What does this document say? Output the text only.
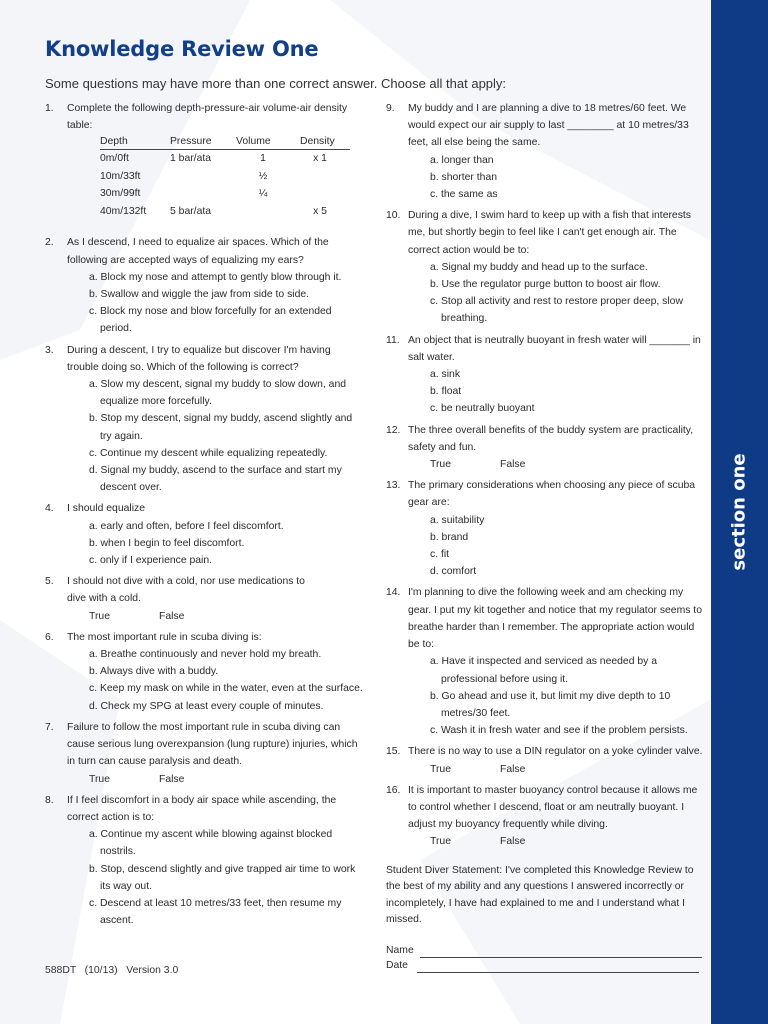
section one
Knowledge Review One
Some questions may have more than one correct answer. Choose all that apply:
1. Complete the following depth-pressure-air volume-air density table:
Depth	Pressure	Volume	Density
0m/0ft	1 bar/ata	1	x 1
10m/33ft		½	
30m/99ft		¼	
40m/132ft	5 bar/ata		x 5
2. As I descend, I need to equalize air spaces. Which of the following are accepted ways of equalizing my ears?
a. Block my nose and attempt to gently blow through it.
b. Swallow and wiggle the jaw from side to side.
c. Block my nose and blow forcefully for an extended period.
3. During a descent, I try to equalize but discover I'm having trouble doing so. Which of the following is correct?
a. Slow my descent, signal my buddy to slow down, and equalize more forcefully.
b. Stop my descent, signal my buddy, ascend slightly and try again.
c. Continue my descent while equalizing repeatedly.
d. Signal my buddy, ascend to the surface and start my descent over.
4. I should equalize
a. early and often, before I feel discomfort.
b. when I begin to feel discomfort.
c. only if I experience pain.
5. I should not dive with a cold, nor use medications to dive with a cold.
True	False
6. The most important rule in scuba diving is:
a. Breathe continuously and never hold my breath.
b. Always dive with a buddy.
c. Keep my mask on while in the water, even at the surface.
d. Check my SPG at least every couple of minutes.
7. Failure to follow the most important rule in scuba diving can cause serious lung overexpansion (lung rupture) injuries, which in turn can cause paralysis and death.
True	False
8. If I feel discomfort in a body air space while ascending, the correct action is to:
a. Continue my ascent while blowing against blocked nostrils.
b. Stop, descend slightly and give trapped air time to work its way out.
c. Descend at least 10 metres/33 feet, then resume my ascent.
9. My buddy and I are planning a dive to 18 metres/60 feet. We would expect our air supply to last ________ at 10 metres/33 feet, all else being the same.
a. longer than
b. shorter than
c. the same as
10. During a dive, I swim hard to keep up with a fish that interests me, but shortly begin to feel like I can't get enough air. The correct action would be to:
a. Signal my buddy and head up to the surface.
b. Use the regulator purge button to boost air flow.
c. Stop all activity and rest to restore proper deep, slow breathing.
11. An object that is neutrally buoyant in fresh water will _______ in salt water.
a. sink
b. float
c. be neutrally buoyant
12. The three overall benefits of the buddy system are practicality, safety and fun.
True	False
13. The primary considerations when choosing any piece of scuba gear are:
a. suitability
b. brand
c. fit
d. comfort
14. I'm planning to dive the following week and am checking my gear. I put my kit together and notice that my regulator seems to breathe harder than I remember. The appropriate action would be to:
a. Have it inspected and serviced as needed by a professional before using it.
b. Go ahead and use it, but limit my dive depth to 10 metres/30 feet.
c. Wash it in fresh water and see if the problem persists.
15. There is no way to use a DIN regulator on a yoke cylinder valve.
True	False
16. It is important to master buoyancy control because it allows me to control whether I descend, float or am neutrally buoyant. I adjust my buoyancy frequently while diving.
True	False
Student Diver Statement: I've completed this Knowledge Review to the best of my ability and any questions I answered incorrectly or incompletely, I have had explained to me and I understand what I missed.
Name
Date
588DT   (10/13)   Version 3.0
